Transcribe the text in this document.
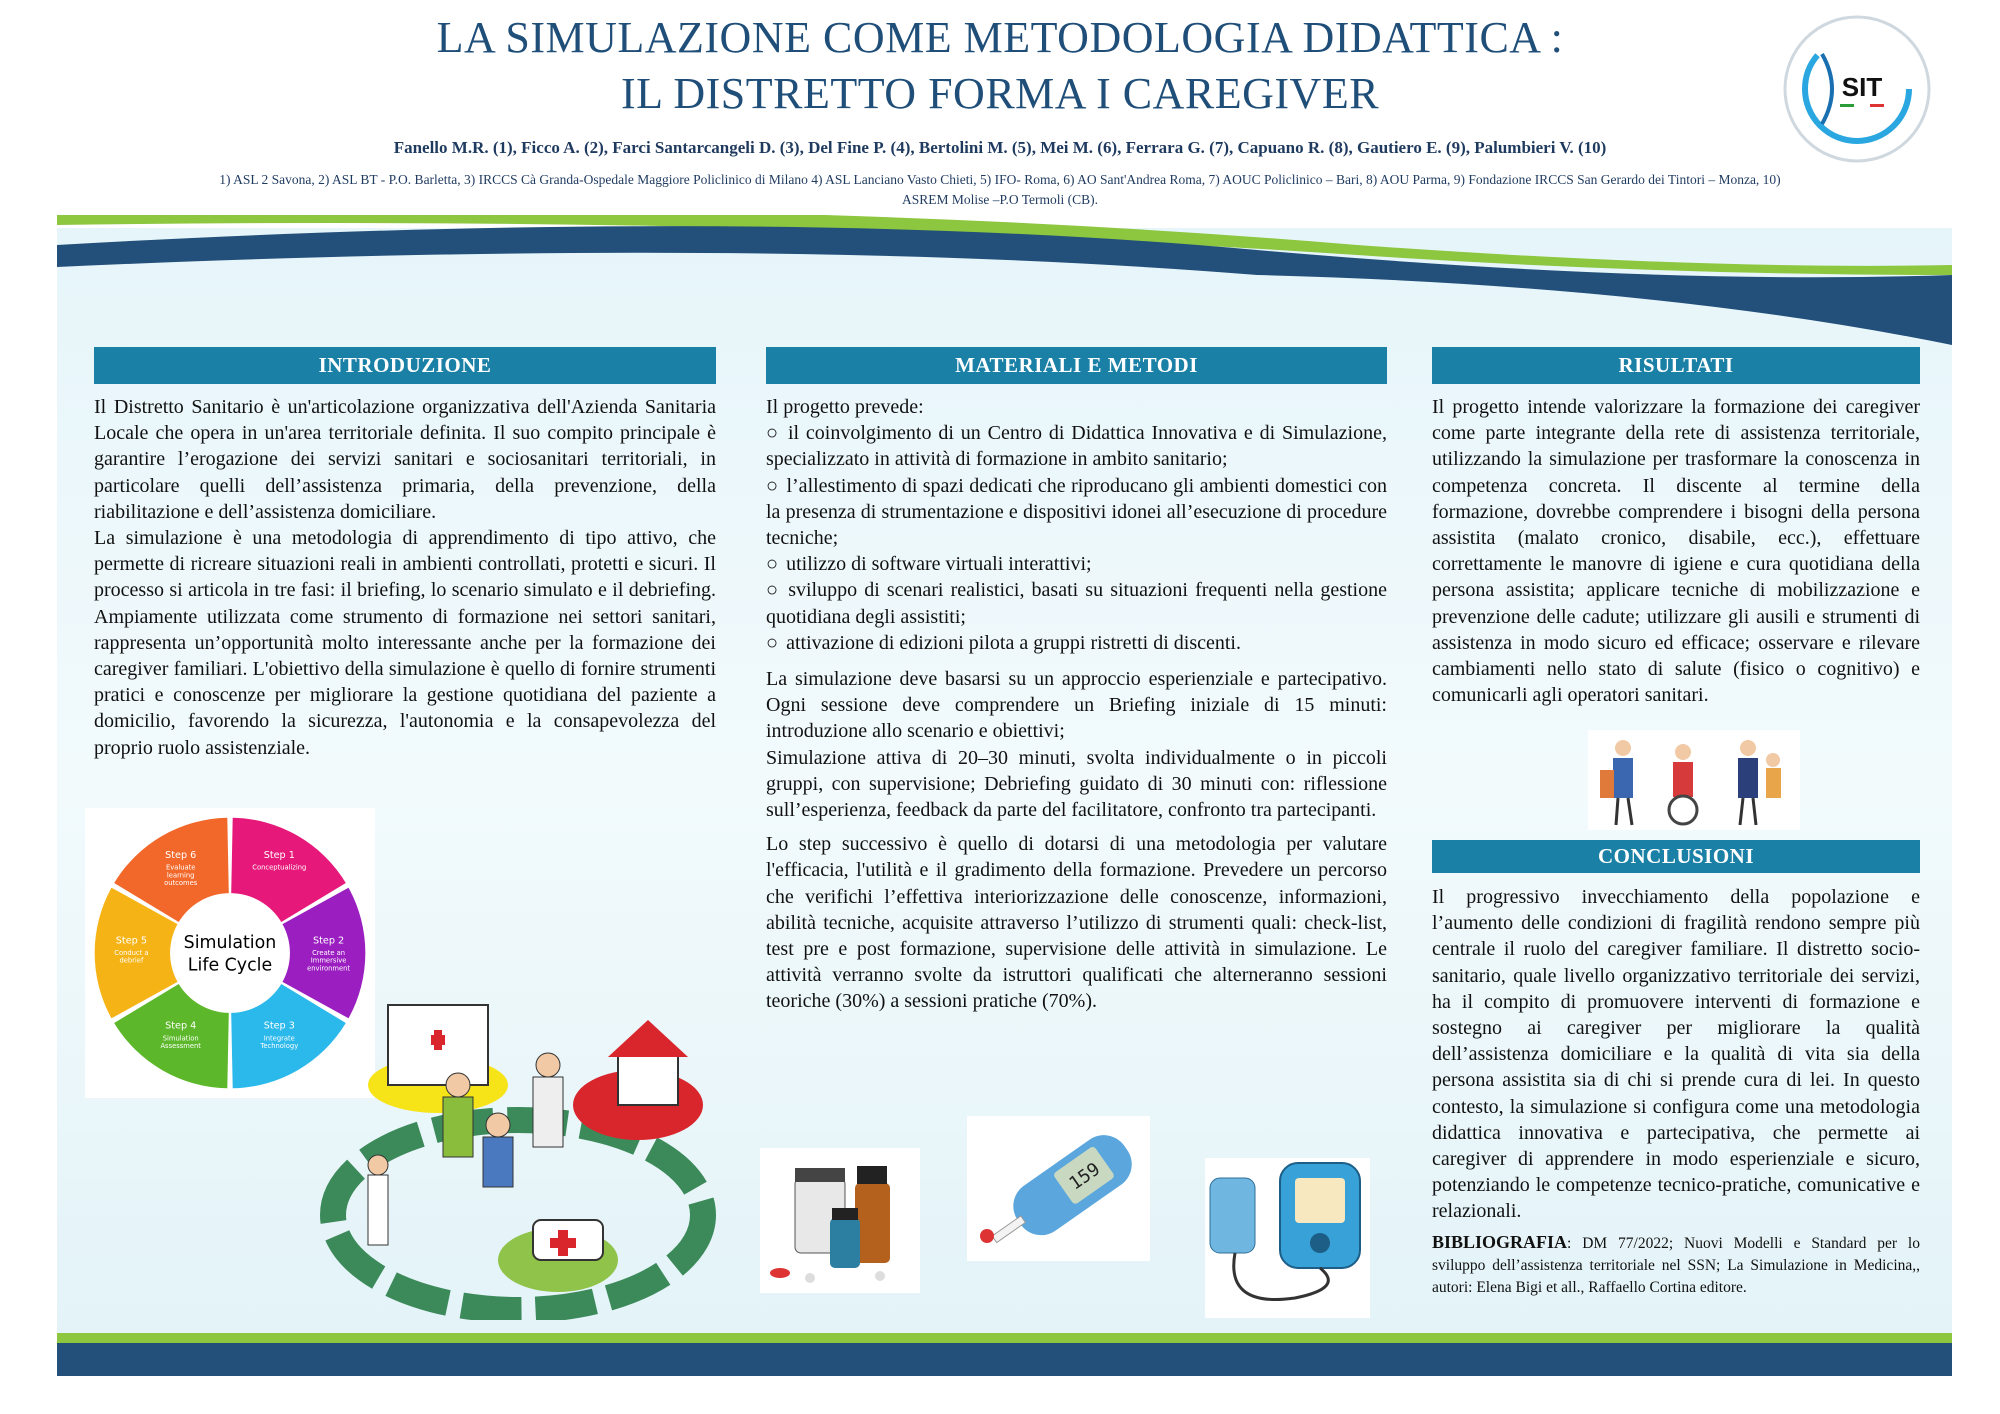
LA SIMULAZIONE COME METODOLOGIA DIDATTICA :
IL DISTRETTO FORMA I CAREGIVER
Fanello M.R. (1), Ficco A. (2), Farci Santarcangeli D. (3), Del Fine P. (4), Bertolini M. (5), Mei M. (6), Ferrara G. (7), Capuano R. (8), Gautiero E. (9), Palumbieri V. (10)
1) ASL 2 Savona, 2) ASL BT - P.O. Barletta, 3) IRCCS Cà Granda-Ospedale Maggiore Policlinico di Milano 4) ASL Lanciano Vasto Chieti, 5) IFO- Roma, 6) AO Sant'Andrea Roma, 7) AOUC Policlinico – Bari, 8) AOU Parma, 9) Fondazione IRCCS San Gerardo dei Tintori – Monza, 10) ASREM Molise –P.O Termoli (CB).
SIT
INTRODUZIONE

Il Distretto Sanitario è un'articolazione organizzativa dell'Azienda Sanitaria Locale che opera in un'area territoriale definita. Il suo compito principale è garantire l’erogazione dei servizi sanitari e sociosanitari territoriali, in particolare quelli dell’assistenza primaria, della prevenzione, della riabilitazione e dell’assistenza domiciliare.

La simulazione è una metodologia di apprendimento di tipo attivo, che permette di ricreare situazioni reali in ambienti controllati, protetti e sicuri. Il processo si articola in tre fasi: il briefing, lo scenario simulato e il debriefing. Ampiamente utilizzata come strumento di formazione nei settori sanitari, rappresenta un’opportunità molto interessante anche per la formazione dei caregiver familiari. L'obiettivo della simulazione è quello di fornire strumenti pratici e conoscenze per migliorare la gestione quotidiana del paziente a domicilio, favorendo la sicurezza, l'autonomia e la consapevolezza del proprio ruolo assistenziale.

Step 1
Conceptualizing
Step 2
Create an Immersive environment
Step 3
Integrate Technology
Step 4
Simulation Assessment
Step 5
Conduct a debrief
Step 6
Evaluate learning outcomes
Simulation
Life Cycle
MATERIALI E METODI

Il progetto prevede:

○ il coinvolgimento di un Centro di Didattica Innovativa e di Simulazione, specializzato in attività di formazione in ambito sanitario;

○ l’allestimento di spazi dedicati che riproducano gli ambienti domestici con la presenza di strumentazione e dispositivi idonei all’esecuzione di procedure tecniche;

○ utilizzo di software virtuali interattivi;

○ sviluppo di scenari realistici, basati su situazioni frequenti nella gestione quotidiana degli assistiti;

○ attivazione di edizioni pilota a gruppi ristretti di discenti.

La simulazione deve basarsi su un approccio esperienziale e partecipativo. Ogni sessione deve comprendere un Briefing iniziale di 15 minuti: introduzione allo scenario e obiettivi;

Simulazione attiva di 20–30 minuti, svolta individualmente o in piccoli gruppi, con supervisione; Debriefing guidato di 30 minuti con: riflessione sull’esperienza, feedback da parte del facilitatore, confronto tra partecipanti.

Lo step successivo è quello di dotarsi di una metodologia per valutare l'efficacia, l'utilità e il gradimento della formazione. Prevedere un percorso che verifichi l’effettiva interiorizzazione delle conoscenze, informazioni, abilità tecniche, acquisite attraverso l’utilizzo di strumenti quali: check-list, test pre e post formazione, supervisione delle attività in simulazione. Le attività verranno svolte da istruttori qualificati che alterneranno sessioni teoriche (30%) a sessioni pratiche (70%).

159
RISULTATI

Il progetto intende valorizzare la formazione dei caregiver come parte integrante della rete di assistenza territoriale, utilizzando la simulazione per trasformare la conoscenza in competenza concreta. Il discente al termine della formazione, dovrebbe comprendere i bisogni della persona assistita (malato cronico, disabile, ecc.), effettuare correttamente le manovre di igiene e cura quotidiana della persona assistita; applicare tecniche di mobilizzazione e prevenzione delle cadute; utilizzare gli ausili e strumenti di assistenza in modo sicuro ed efficace; osservare e rilevare cambiamenti nello stato di salute (fisico o cognitivo) e comunicarli agli operatori sanitari.

CONCLUSIONI

Il progressivo invecchiamento della popolazione e l’aumento delle condizioni di fragilità rendono sempre più centrale il ruolo del caregiver familiare. Il distretto socio-sanitario, quale livello organizzativo territoriale dei servizi, ha il compito di promuovere interventi di formazione e sostegno ai caregiver per migliorare la qualità dell’assistenza domiciliare e la qualità di vita sia della persona assistita sia di chi si prende cura di lei. In questo contesto, la simulazione si configura come una metodologia didattica innovativa e partecipativa, che permette ai caregiver di apprendere in modo esperienziale e sicuro, potenziando le competenze tecnico-pratiche, comunicative e relazionali.

BIBLIOGRAFIA: DM 77/2022; Nuovi Modelli e Standard per lo sviluppo dell’assistenza territoriale nel SSN; La Simulazione in Medicina,, autori: Elena Bigi et all., Raffaello Cortina editore.
